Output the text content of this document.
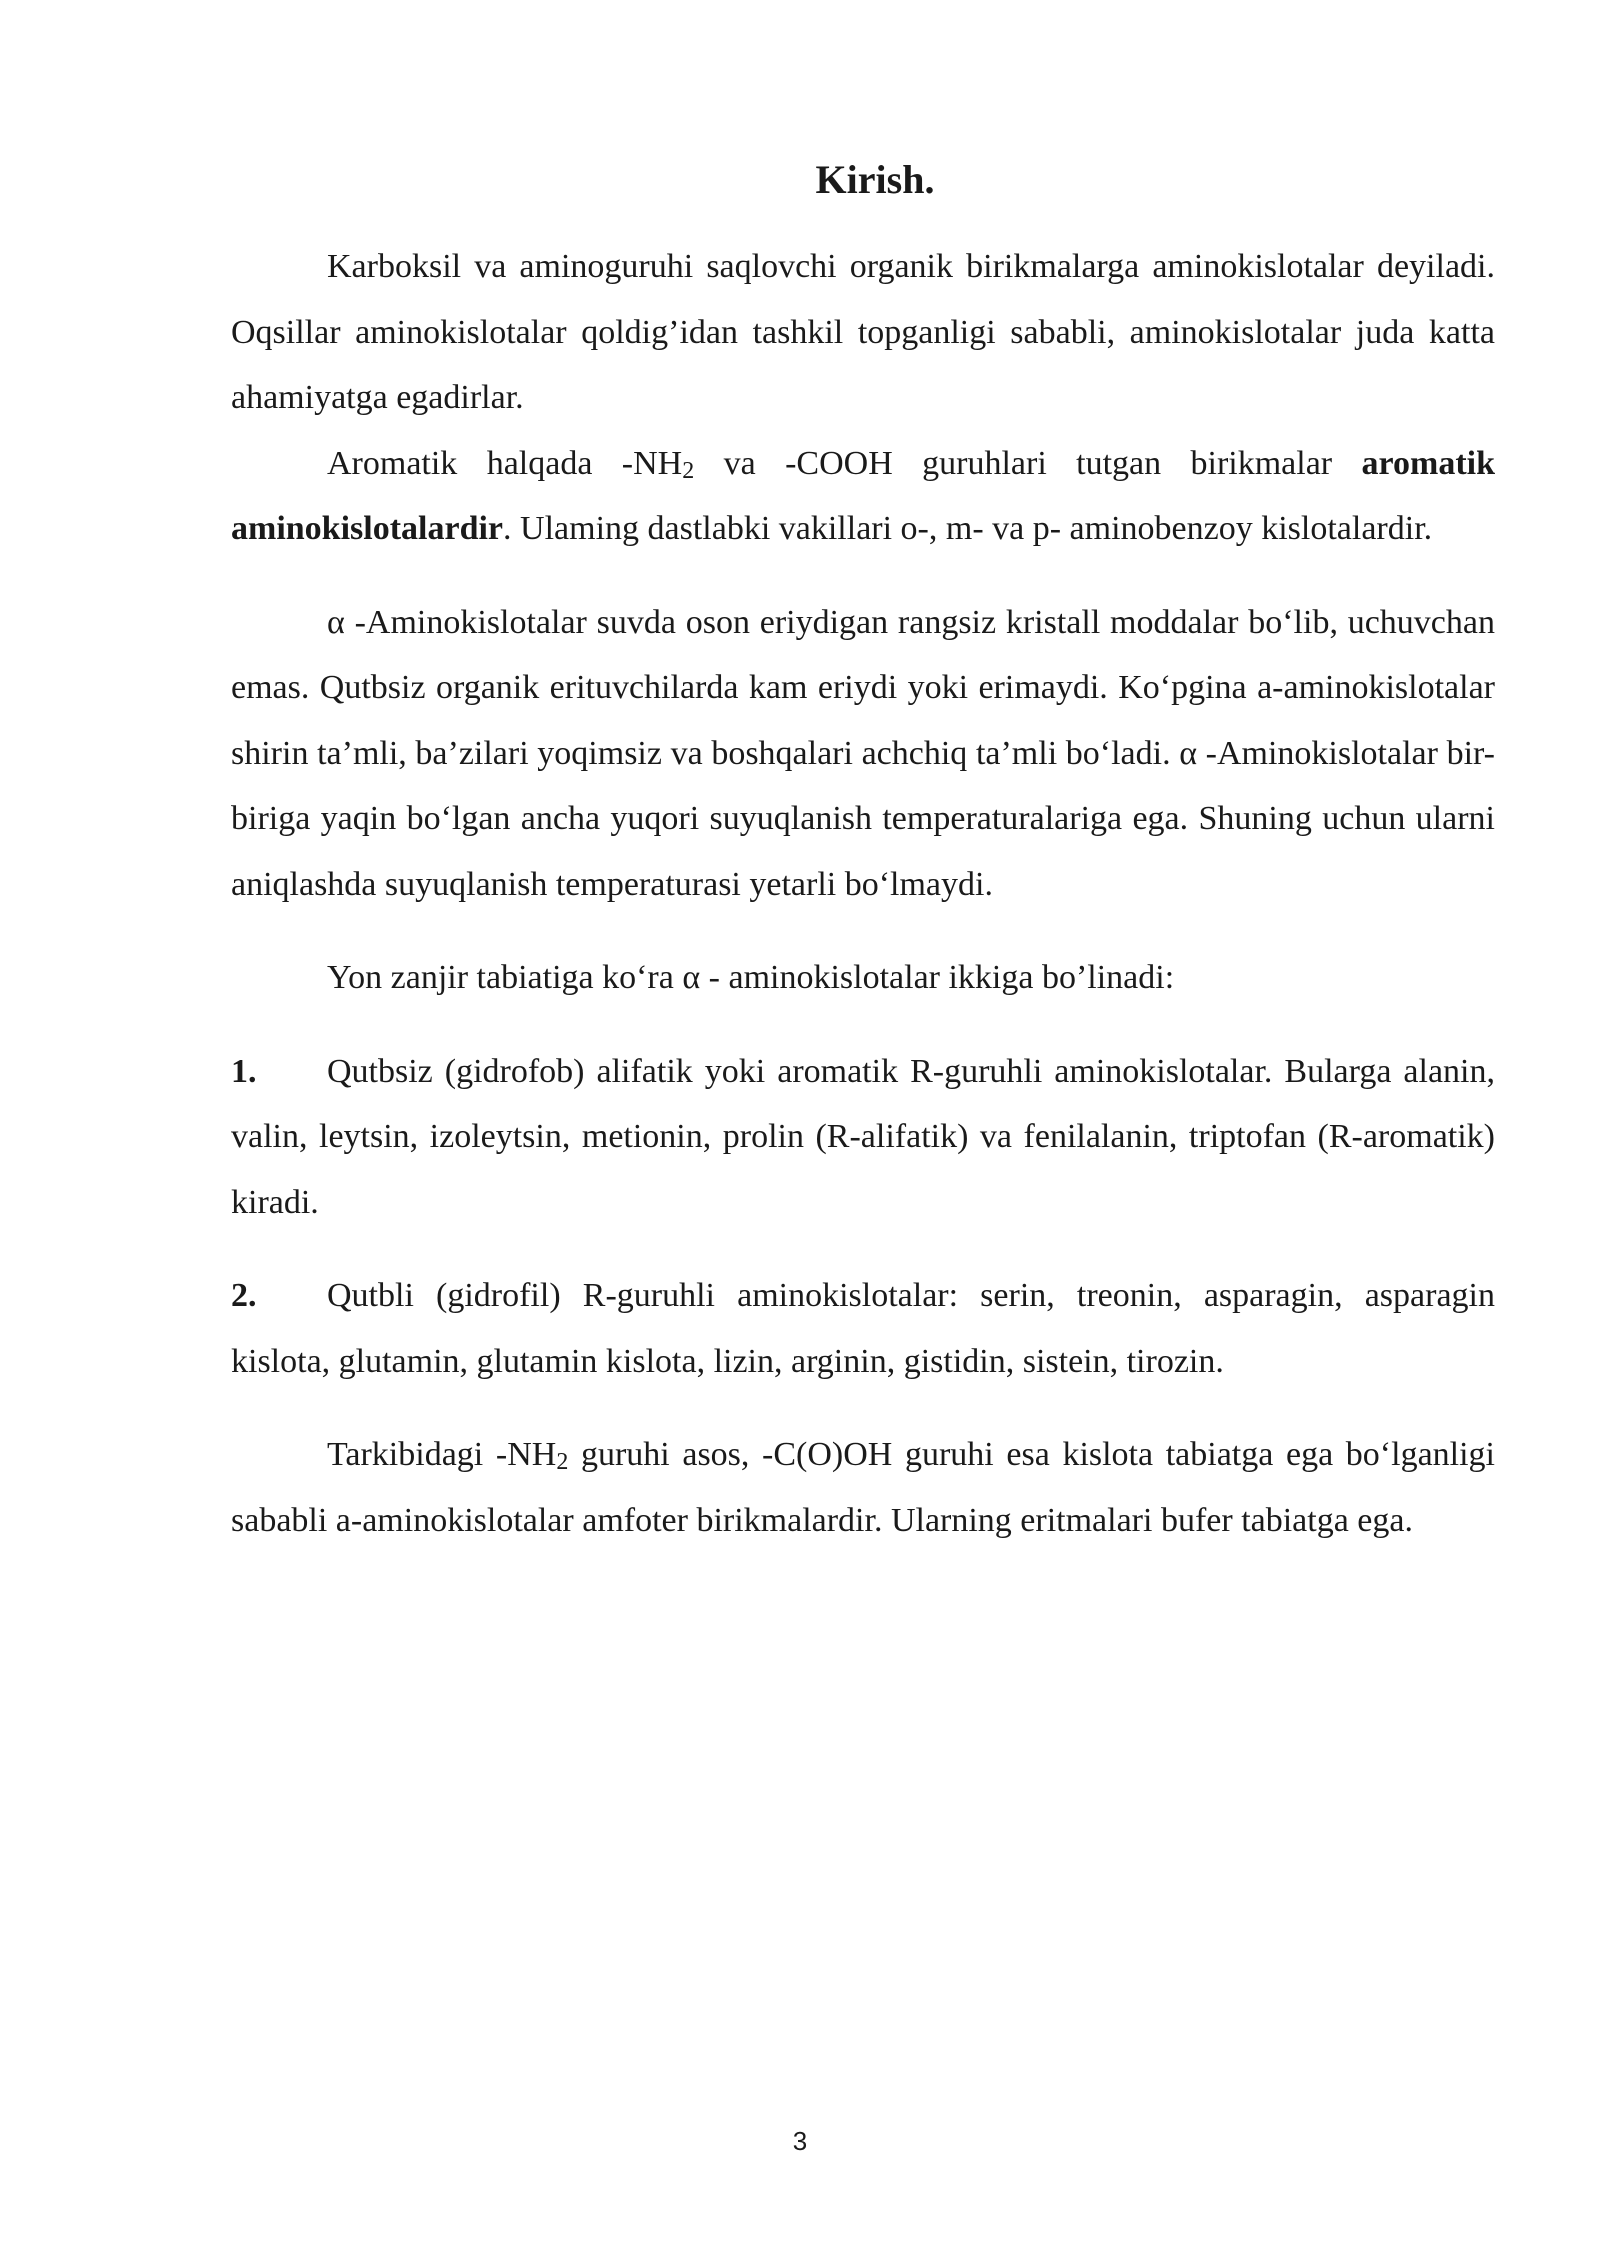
Kirish.

Karboksil va aminoguruhi saqlovchi organik birikmalarga aminokislotalar deyiladi. Oqsillar aminokislotalar qoldig’idan tashkil topganligi sababli, aminokislotalar juda katta ahamiyatga egadirlar.

Aromatik halqada $-NH_2$ va -COOH guruhlari tutgan birikmalar aromatik aminokislotalardir. Ulaming dastlabki vakillari o-, m- va p- aminobenzoy kislotalardir.

α -Aminokislotalar suvda oson eriydigan rangsiz kristall moddalar bo‘lib, uchuvchan emas. Qutbsiz organik erituvchilarda kam eriydi yoki erimaydi. Ko‘pgina a-aminokislotalar shirin ta’mli, ba’zilari yoqimsiz va boshqalari achchiq ta’mli bo‘ladi. α -Aminokislotalar bir-biriga yaqin bo‘lgan ancha yuqori suyuqlanish temperaturalariga ega. Shuning uchun ularni aniqlashda suyuqlanish temperaturasi yetarli bo‘lmaydi.

Yon zanjir tabiatiga ko‘ra α - aminokislotalar ikkiga bo’linadi:

1. Qutbsiz (gidrofob) alifatik yoki aromatik R-guruhli aminokislotalar. Bularga alanin, valin, leytsin, izoleytsin, metionin, prolin (R-alifatik) va fenilalanin, triptofan (R-aromatik) kiradi.

2. Qutbli (gidrofil) R-guruhli aminokislotalar: serin, treonin, asparagin, asparagin kislota, glutamin, glutamin kislota, lizin, arginin, gistidin, sistein, tirozin.

Tarkibidagi $-NH_2$ guruhi asos, -C(O)OH guruhi esa kislota tabiatga ega bo‘lganligi sababli a-aminokislotalar amfoter birikmalardir. Ularning eritmalari bufer tabiatga ega.

3
